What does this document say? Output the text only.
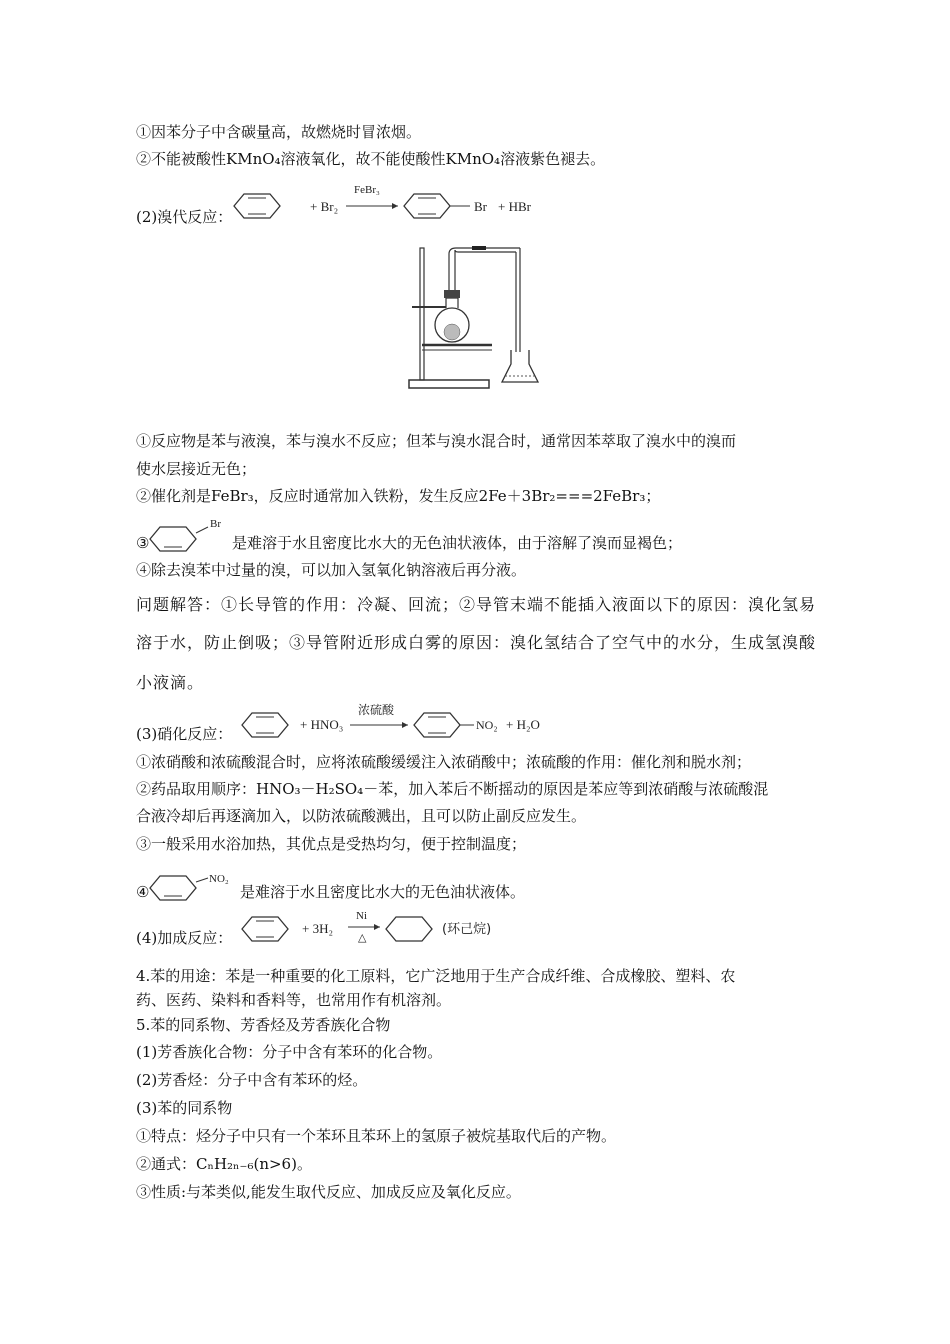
①因苯分子中含碳量高，故燃烧时冒浓烟。
②不能被酸性KMnO₄溶液氧化，故不能使酸性KMnO₄溶液紫色褪去。
(2)溴代反应：
+ Br₂
FeBr₃
Br + HBr
①反应物是苯与液溴，苯与溴水不反应；但苯与溴水混合时，通常因苯萃取了溴水中的溴而
使水层接近无色；
②催化剂是FeBr₃，反应时通常加入铁粉，发生反应2Fe＋3Br₂===2FeBr₃；
③
Br
是难溶于水且密度比水大的无色油状液体，由于溶解了溴而显褐色；
④除去溴苯中过量的溴，可以加入氢氧化钠溶液后再分液。
问题解答：①长导管的作用：冷凝、回流；②导管末端不能插入液面以下的原因：溴化氢易
溶于水，防止倒吸；③导管附近形成白雾的原因：溴化氢结合了空气中的水分，生成氢溴酸
小液滴。
(3)硝化反应：
+ HNO₃
浓硫酸
NO₂ + H₂O
①浓硝酸和浓硫酸混合时，应将浓硫酸缓缓注入浓硝酸中；浓硫酸的作用：催化剂和脱水剂；
②药品取用顺序：HNO₃－H₂SO₄－苯，加入苯后不断摇动的原因是苯应等到浓硝酸与浓硫酸混
合液冷却后再逐滴加入，以防浓硫酸溅出，且可以防止副反应发生。
③一般采用水浴加热，其优点是受热均匀，便于控制温度；
④
NO₂
是难溶于水且密度比水大的无色油状液体。
(4)加成反应：
+ 3H₂
Ni
△
(环己烷)
4.苯的用途：苯是一种重要的化工原料，它广泛地用于生产合成纤维、合成橡胶、塑料、农
药、医药、染料和香料等，也常用作有机溶剂。
5.苯的同系物、芳香烃及芳香族化合物
(1)芳香族化合物：分子中含有苯环的化合物。
(2)芳香烃：分子中含有苯环的烃。
(3)苯的同系物
①特点：烃分子中只有一个苯环且苯环上的氢原子被烷基取代后的产物。
②通式：CₙH₂ₙ₋₆(n>6)。
③性质:与苯类似,能发生取代反应、加成反应及氧化反应。
